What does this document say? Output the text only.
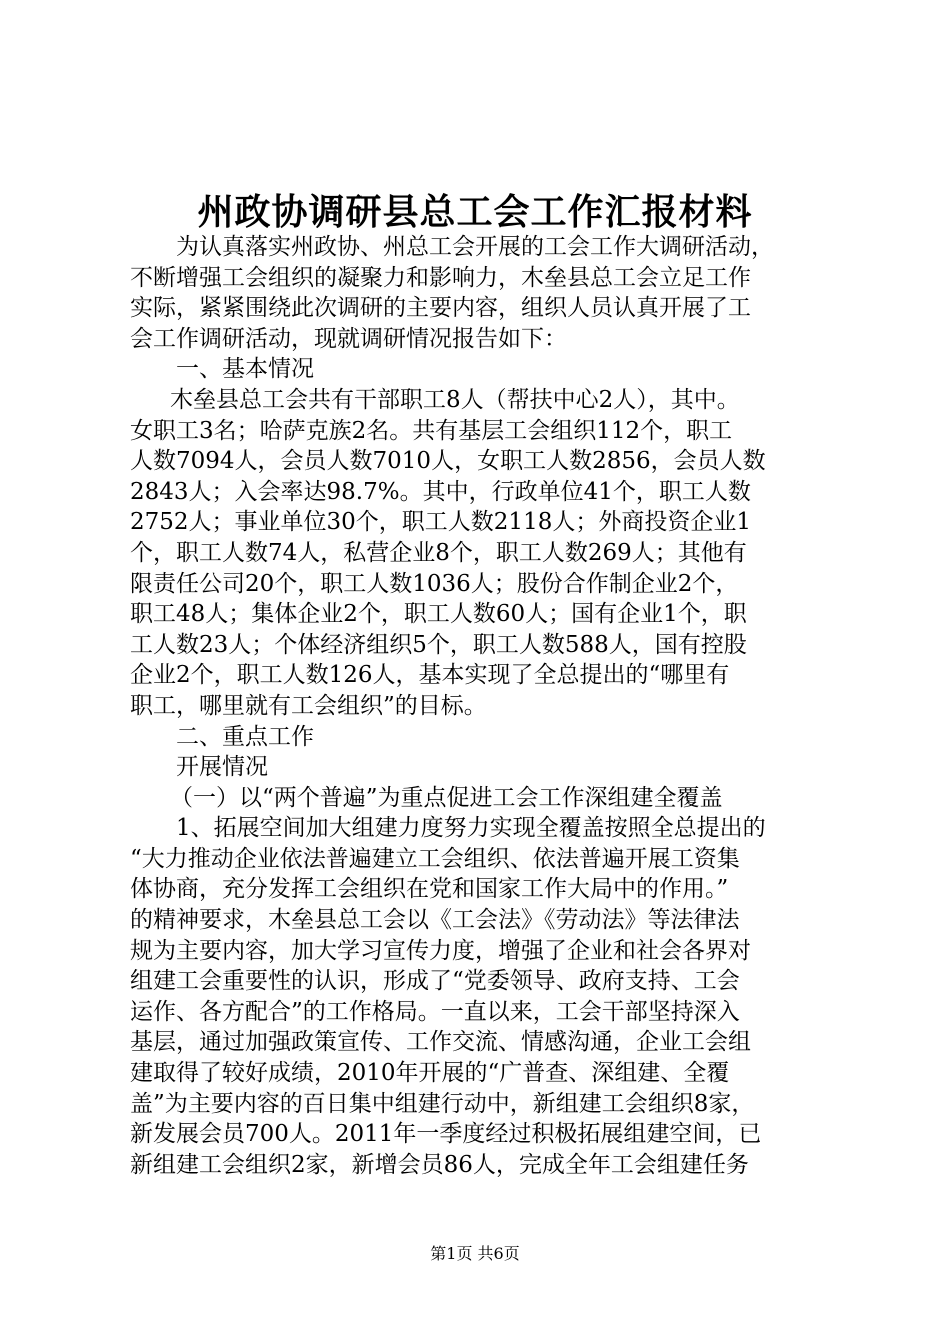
州政协调研县总工会工作汇报材料
为认真落实州政协、州总工会开展的工会工作大调研活动，
不断增强工会组织的凝聚力和影响力，木垒县总工会立足工作
实际，紧紧围绕此次调研的主要内容，组织人员认真开展了工
会工作调研活动，现就调研情况报告如下：
一、基本情况
木垒县总工会共有干部职工8人（帮扶中心2人），其中。
女职工3名；哈萨克族2名。共有基层工会组织112个，职工
人数7094人，会员人数7010人，女职工人数2856，会员人数
2843人；入会率达98.7%。其中，行政单位41个，职工人数
2752人；事业单位30个，职工人数2118人；外商投资企业1
个，职工人数74人，私营企业8个，职工人数269人；其他有
限责任公司20个，职工人数1036人；股份合作制企业2个，
职工48人；集体企业2个，职工人数60人；国有企业1个，职
工人数23人；个体经济组织5个，职工人数588人，国有控股
企业2个，职工人数126人，基本实现了全总提出的“哪里有
职工，哪里就有工会组织”的目标。
二、重点工作
开展情况
（一）以“两个普遍”为重点促进工会工作深组建全覆盖
1、拓展空间加大组建力度努力实现全覆盖按照全总提出的
“大力推动企业依法普遍建立工会组织、依法普遍开展工资集
体协商，充分发挥工会组织在党和国家工作大局中的作用。”
的精神要求，木垒县总工会以《工会法》《劳动法》等法律法
规为主要内容，加大学习宣传力度，增强了企业和社会各界对
组建工会重要性的认识，形成了“党委领导、政府支持、工会
运作、各方配合”的工作格局。一直以来，工会干部坚持深入
基层，通过加强政策宣传、工作交流、情感沟通，企业工会组
建取得了较好成绩，2010年开展的“广普查、深组建、全覆
盖”为主要内容的百日集中组建行动中，新组建工会组织8家，
新发展会员700人。2011年一季度经过积极拓展组建空间，已
新组建工会组织2家，新增会员86人，完成全年工会组建任务
第1页 共6页
